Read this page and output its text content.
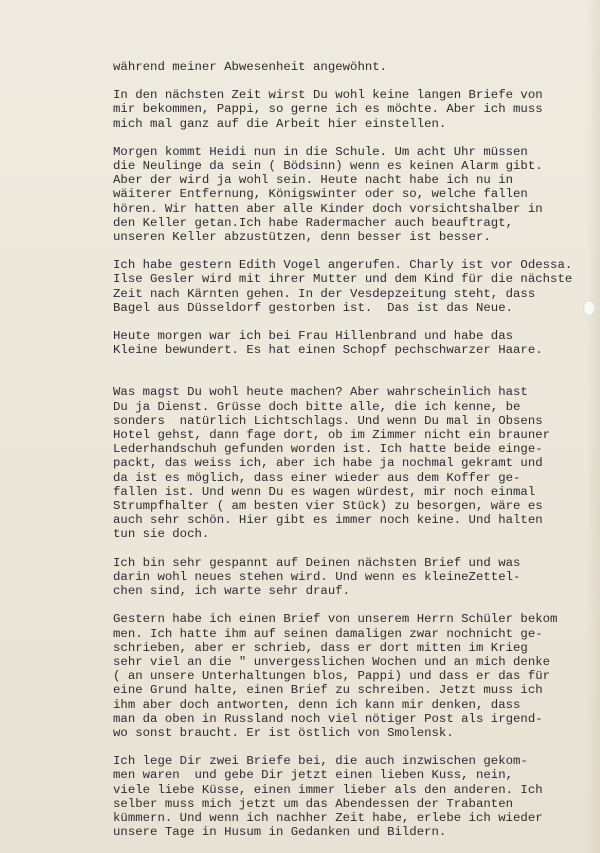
während meiner Abwesenheit angewöhnt.

In den nächsten Zeit wirst Du wohl keine langen Briefe von
mir bekommen, Pappi, so gerne ich es möchte. Aber ich muss
mich mal ganz auf die Arbeit hier einstellen.

Morgen kommt Heidi nun in die Schule. Um acht Uhr müssen
die Neulinge da sein ( Bödsinn) wenn es keinen Alarm gibt.
Aber der wird ja wohl sein. Heute nacht habe ich nu in
wäiterer Entfernung, Königswinter oder so, welche fallen
hören. Wir hatten aber alle Kinder doch vorsichtshalber in
den Keller getan.Ich habe Radermacher auch beauftragt,
unseren Keller abzustützen, denn besser ist besser.

Ich habe gestern Edith Vogel angerufen. Charly ist vor Odessa.
Ilse Gesler wird mit ihrer Mutter und dem Kind für die nächste
Zeit nach Kärnten gehen. In der Vesdepzeitung steht, dass
Bagel aus Düsseldorf gestorben ist.  Das ist das Neue.

Heute morgen war ich bei Frau Hillenbrand und habe das
Kleine bewundert. Es hat einen Schopf pechschwarzer Haare.

Was magst Du wohl heute machen? Aber wahrscheinlich hast
Du ja Dienst. Grüsse doch bitte alle, die ich kenne, be
sonders  natürlich Lichtschlags. Und wenn Du mal in Obsens
Hotel gehst, dann fage dort, ob im Zimmer nicht ein brauner
Lederhandschuh gefunden worden ist. Ich hatte beide einge-
packt, das weiss ich, aber ich habe ja nochmal gekramt und
da ist es möglich, dass einer wieder aus dem Koffer ge-
fallen ist. Und wenn Du es wagen würdest, mir noch einmal
Strumpfhalter ( am besten vier Stück) zu besorgen, wäre es
auch sehr schön. Hier gibt es immer noch keine. Und halten
tun sie doch.

Ich bin sehr gespannt auf Deinen nächsten Brief und was
darin wohl neues stehen wird. Und wenn es kleineZettel-
chen sind, ich warte sehr drauf.

Gestern habe ich einen Brief von unserem Herrn Schüler bekom
men. Ich hatte ihm auf seinen damaligen zwar nochnicht ge-
schrieben, aber er schrieb, dass er dort mitten im Krieg
sehr viel an die " unvergesslichen Wochen und an mich denke
( an unsere Unterhaltungen blos, Pappi) und dass er das für
eine Grund halte, einen Brief zu schreiben. Jetzt muss ich
ihm aber doch antworten, denn ich kann mir denken, dass
man da oben in Russland noch viel nötiger Post als irgend-
wo sonst braucht. Er ist östlich von Smolensk.

Ich lege Dir zwei Briefe bei, die auch inzwischen gekom-
men waren  und gebe Dir jetzt einen lieben Kuss, nein,
viele liebe Küsse, einen immer lieber als den anderen. Ich
selber muss mich jetzt um das Abendessen der Trabanten
kümmern. Und wenn ich nachher Zeit habe, erlebe ich wieder
unsere Tage in Husum in Gedanken und Bildern.
